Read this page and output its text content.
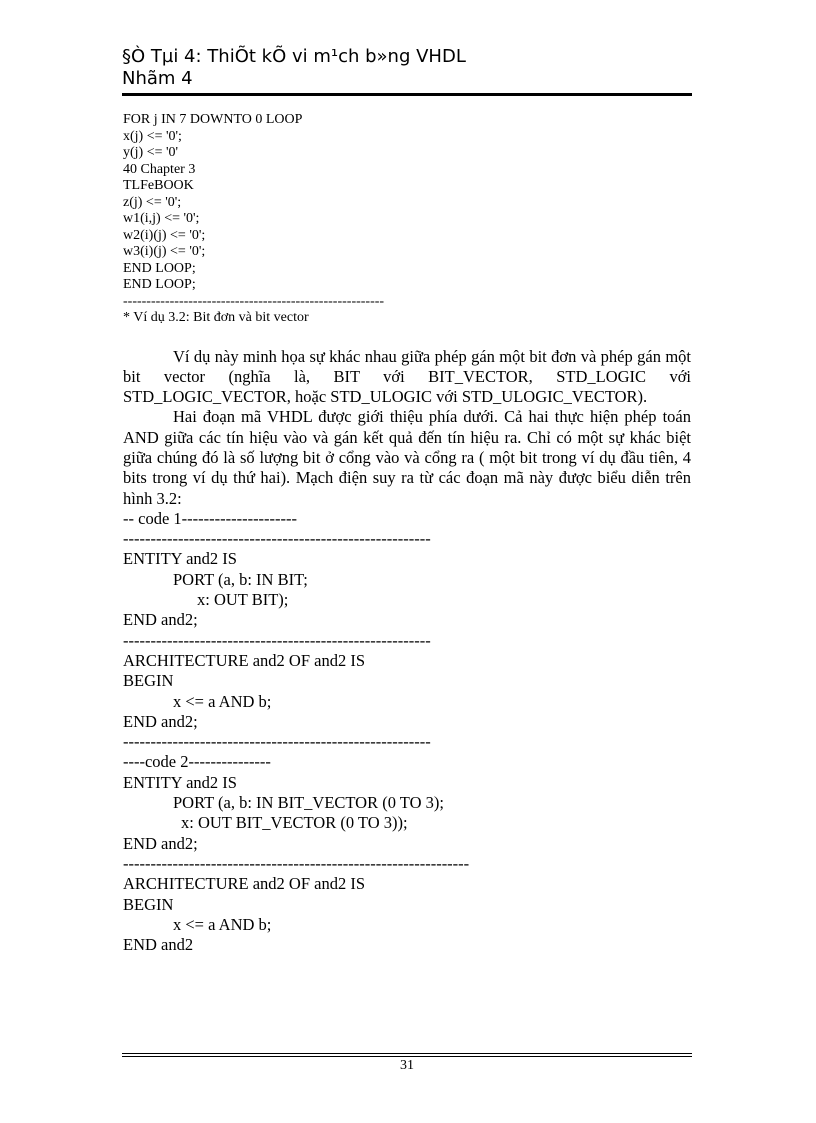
§Ò Tµi 4: ThiÕt kÕ vi m¹ch b»ng VHDL
Nhãm 4
FOR j IN 7 DOWNTO 0 LOOP
x(j) <= '0';
y(j) <= '0'
40 Chapter 3
TLFeBOOK
z(j) <= '0';
w1(i,j) <= '0';
w2(i)(j) <= '0';
w3(i)(j) <= '0';
END LOOP;
END LOOP;
--------------------------------------------------------
* Ví dụ 3.2: Bit đơn và bit vector
Ví dụ này minh họa sự khác nhau giữa phép gán một bit đơn và phép gán một bit vector (nghĩa là, BIT với BIT_VECTOR, STD_LOGIC với STD_LOGIC_VECTOR, hoặc STD_ULOGIC với STD_ULOGIC_VECTOR).
Hai đoạn mã VHDL được giới thiệu phía dưới. Cả hai thực hiện phép toán AND giữa các tín hiệu vào và gán kết quả đến tín hiệu ra. Chỉ có một sự khác biệt giữa chúng đó là số lượng bit ở cổng vào và cổng ra ( một bit trong ví dụ đầu tiên, 4 bits trong ví dụ thứ hai). Mạch điện suy ra từ các đoạn mã này được biểu diễn trên hình 3.2:
-- code 1---------------------
--------------------------------------------------------
ENTITY and2 IS
PORT (a, b: IN BIT;
x: OUT BIT);
END and2;
--------------------------------------------------------
ARCHITECTURE and2 OF and2 IS
BEGIN
x <= a AND b;
END and2;
--------------------------------------------------------
----code 2---------------
ENTITY and2 IS
PORT (a, b: IN BIT_VECTOR (0 TO 3);
x: OUT BIT_VECTOR (0 TO 3));
END and2;
---------------------------------------------------------------
ARCHITECTURE and2 OF and2 IS
BEGIN
x <= a AND b;
END and2
31
